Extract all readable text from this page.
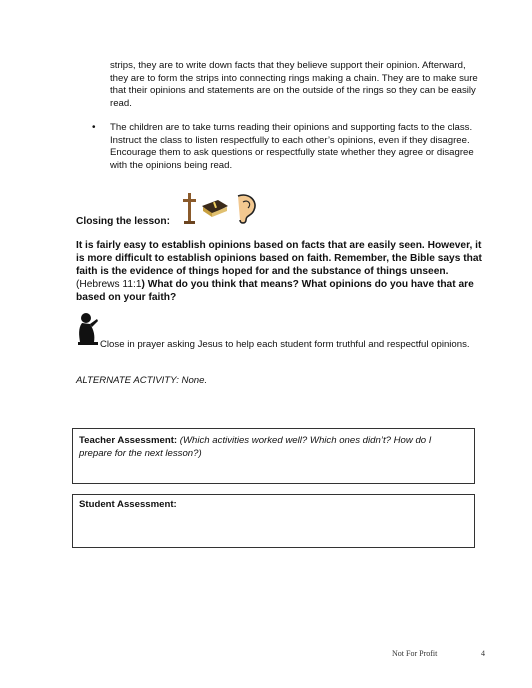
strips, they are to write down facts that they believe support their opinion. Afterward, they are to form the strips into connecting rings making a chain. They are to make sure that their opinions and statements are on the outside of the rings so they can be easily read.
• The children are to take turns reading their opinions and supporting facts to the class. Instruct the class to listen respectfully to each other’s opinions, even if they disagree. Encourage them to ask questions or respectfully state whether they agree or disagree with the opinions being read.
Closing the lesson:
It is fairly easy to establish opinions based on facts that are easily seen. However, it is more difficult to establish opinions based on faith. Remember, the Bible says that faith is the evidence of things hoped for and the substance of things unseen. (Hebrews 11:1) What do you think that means? What opinions do you have that are based on your faith?
Close in prayer asking Jesus to help each student form truthful and respectful opinions.
ALTERNATE ACTIVITY: None.
Teacher Assessment: (Which activities worked well? Which ones didn’t? How do I prepare for the next lesson?)
Student Assessment:
Not For Profit	4
